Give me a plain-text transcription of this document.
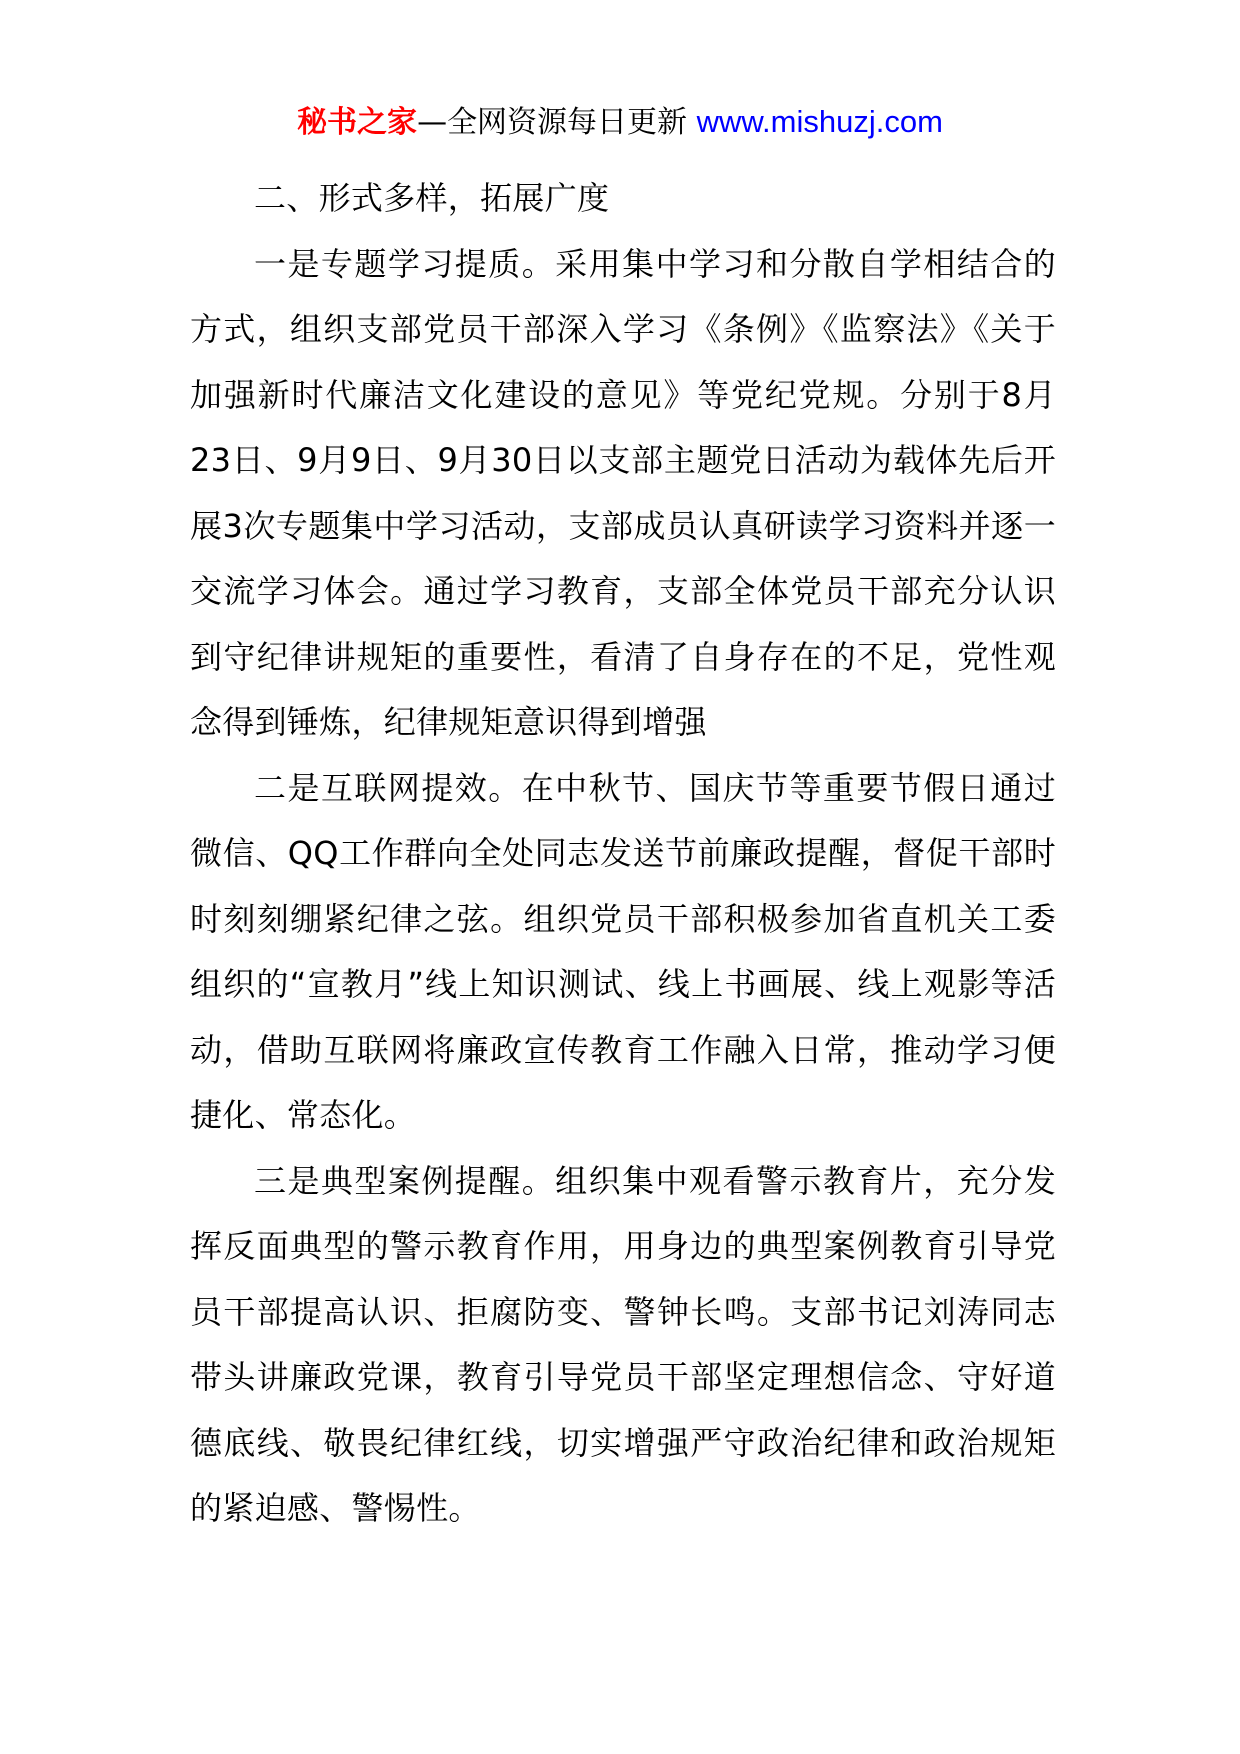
秘书之家—全网资源每日更新 www.mishuzj.com

二、形式多样，拓展广度

一是专题学习提质。采用集中学习和分散自学相结合的方式，组织支部党员干部深入学习《条例》《监察法》《关于加强新时代廉洁文化建设的意见》等党纪党规。分别于8月23日、9月9日、9月30日以支部主题党日活动为载体先后开展3次专题集中学习活动，支部成员认真研读学习资料并逐一交流学习体会。通过学习教育，支部全体党员干部充分认识到守纪律讲规矩的重要性，看清了自身存在的不足，党性观念得到锤炼，纪律规矩意识得到增强

二是互联网提效。在中秋节、国庆节等重要节假日通过微信、QQ工作群向全处同志发送节前廉政提醒，督促干部时时刻刻绷紧纪律之弦。组织党员干部积极参加省直机关工委组织的“宣教月”线上知识测试、线上书画展、线上观影等活动，借助互联网将廉政宣传教育工作融入日常，推动学习便捷化、常态化。

三是典型案例提醒。组织集中观看警示教育片，充分发挥反面典型的警示教育作用，用身边的典型案例教育引导党员干部提高认识、拒腐防变、警钟长鸣。支部书记刘涛同志带头讲廉政党课，教育引导党员干部坚定理想信念、守好道德底线、敬畏纪律红线，切实增强严守政治纪律和政治规矩的紧迫感、警惕性。
